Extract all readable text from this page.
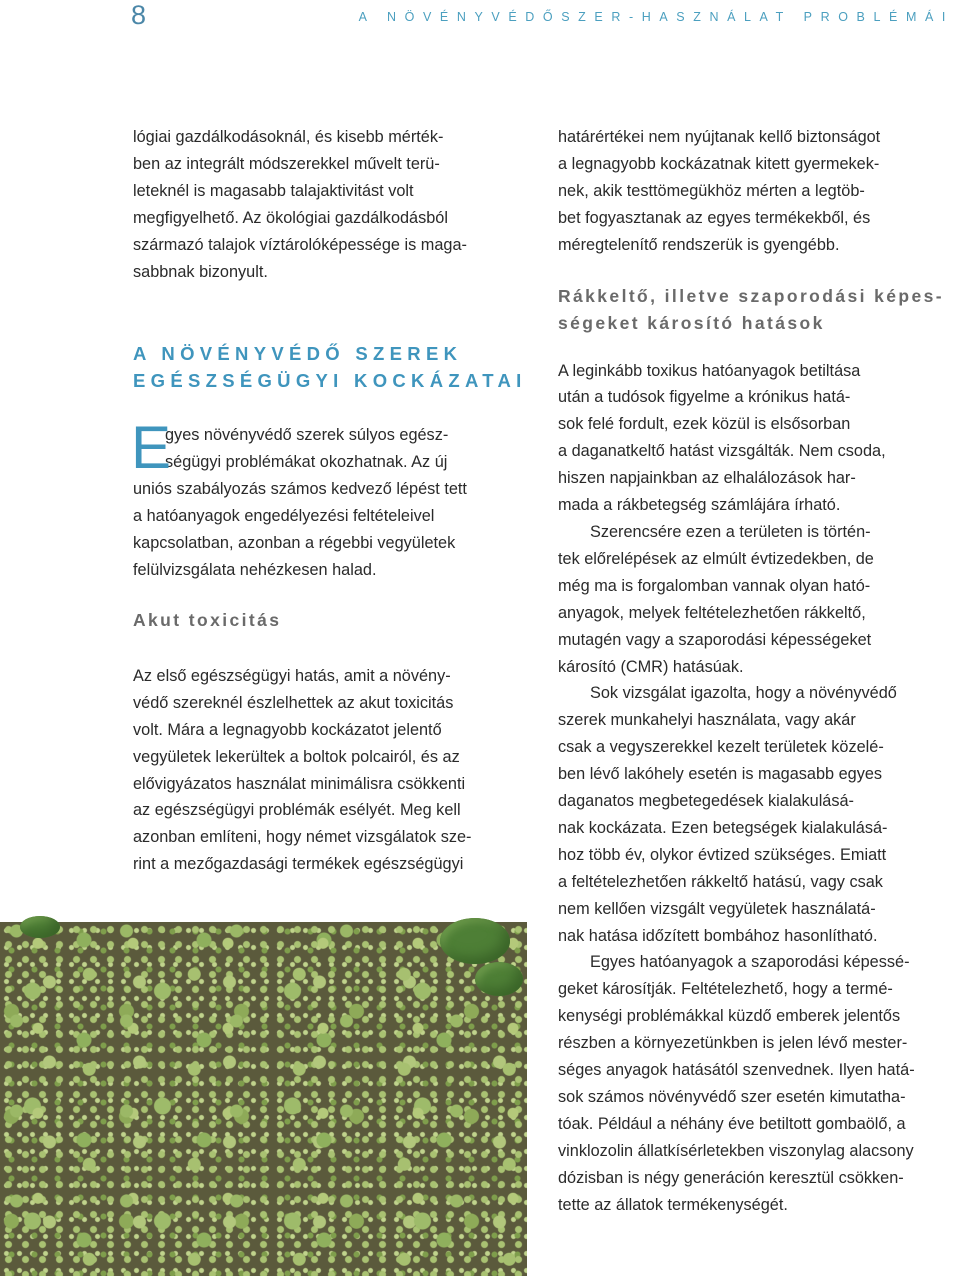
8	A NÖVÉNYVÉDŐSZER-HASZNÁLAT PROBLÉMÁI

lógiai gazdálkodásoknál, és kisebb mérték-

ben az integrált módszerekkel művelt terü-

leteknél is magasabb talajaktivitást volt

megfigyelhető. Az ökológiai gazdálkodásból

származó talajok víztárolóképessége is maga-

sabbnak bizonyult.

A NÖVÉNYVÉDŐ SZEREK

EGÉSZSÉGÜGYI KOCKÁZATAI

E

gyes növényvédő szerek súlyos egész-

ségügyi problémákat okozhatnak. Az új

uniós szabályozás számos kedvező lépést tett

a hatóanyagok engedélyezési feltételeivel

kapcsolatban, azonban a régebbi vegyületek

felülvizsgálata nehézkesen halad.

Akut toxicitás

Az első egészségügyi hatás, amit a növény-

védő szereknél észlelhettek az akut toxicitás

volt. Mára a legnagyobb kockázatot jelentő

vegyületek lekerültek a boltok polcairól, és az

elővigyázatos használat minimálisra csökkenti

az egészségügyi problémák esélyét. Meg kell

azonban említeni, hogy német vizsgálatok sze-

rint a mezőgazdasági termékek egészségügyi

határértékei nem nyújtanak kellő biztonságot

a legnagyobb kockázatnak kitett gyermekek-

nek, akik testtömegükhöz mérten a legtöb-

bet fogyasztanak az egyes termékekből, és

méregtelenítő rendszerük is gyengébb.

Rákkeltő, illetve szaporodási képes-

ségeket károsító hatások

A leginkább toxikus hatóanyagok betiltása

után a tudósok figyelme a krónikus hatá-

sok felé fordult, ezek közül is elsősorban

a daganatkeltő hatást vizsgálták. Nem csoda,

hiszen napjainkban az elhalálozások har-

mada a rákbetegség számlájára írható.

Szerencsére ezen a területen is történ-

tek előrelépések az elmúlt évtizedekben, de

még ma is forgalomban vannak olyan ható-

anyagok, melyek feltételezhetően rákkeltő,

mutagén vagy a szaporodási képességeket

károsító (CMR) hatásúak.

Sok vizsgálat igazolta, hogy a növényvédő

szerek munkahelyi használata, vagy akár

csak a vegyszerekkel kezelt területek közelé-

ben lévő lakóhely esetén is magasabb egyes

daganatos megbetegedések kialakulásá-

nak kockázata. Ezen betegségek kialakulásá-

hoz több év, olykor évtized szükséges. Emiatt

a feltételezhetően rákkeltő hatású, vagy csak

nem kellően vizsgált vegyületek használatá-

nak hatása időzített bombához hasonlítható.

Egyes hatóanyagok a szaporodási képessé-

geket károsítják. Feltételezhető, hogy a termé-

kenységi problémákkal küzdő emberek jelentős

részben a környezetünkben is jelen lévő mester-

séges anyagok hatásától szenvednek. Ilyen hatá-

sok számos növényvédő szer esetén kimutatha-

tóak. Például a néhány éve betiltott gombaölő, a

vinklozolin állatkísérletekben viszonylag alacsony

dózisban is négy generáción keresztül csökken-

tette az állatok termékenységét.
